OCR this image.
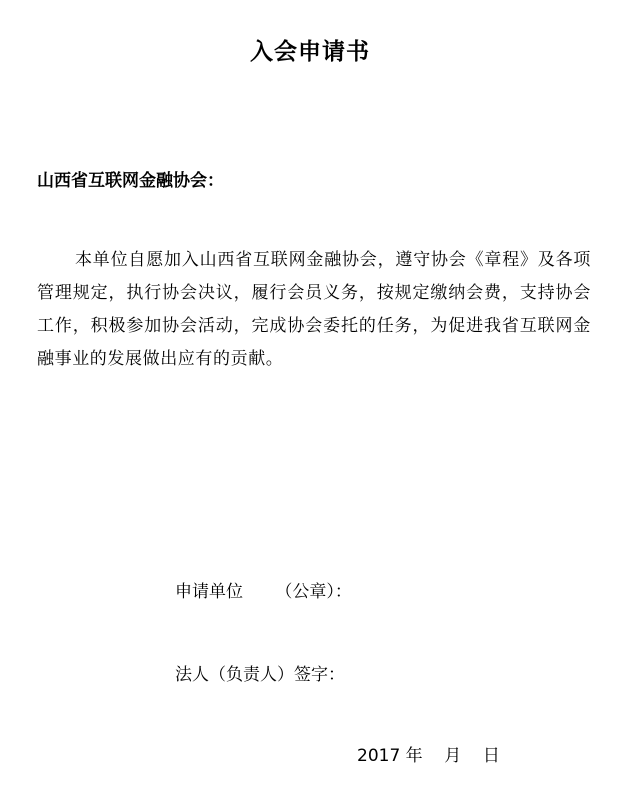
入会申请书
山西省互联网金融协会：
本单位自愿加入山西省互联网金融协会，遵守协会《章程》及各项管理规定，执行协会决议，履行会员义务，按规定缴纳会费，支持协会工作，积极参加协会活动，完成协会委托的任务，为促进我省互联网金融事业的发展做出应有的贡献。
申请单位      （公章）：
法人（负责人）签字：
2017 年    月    日
